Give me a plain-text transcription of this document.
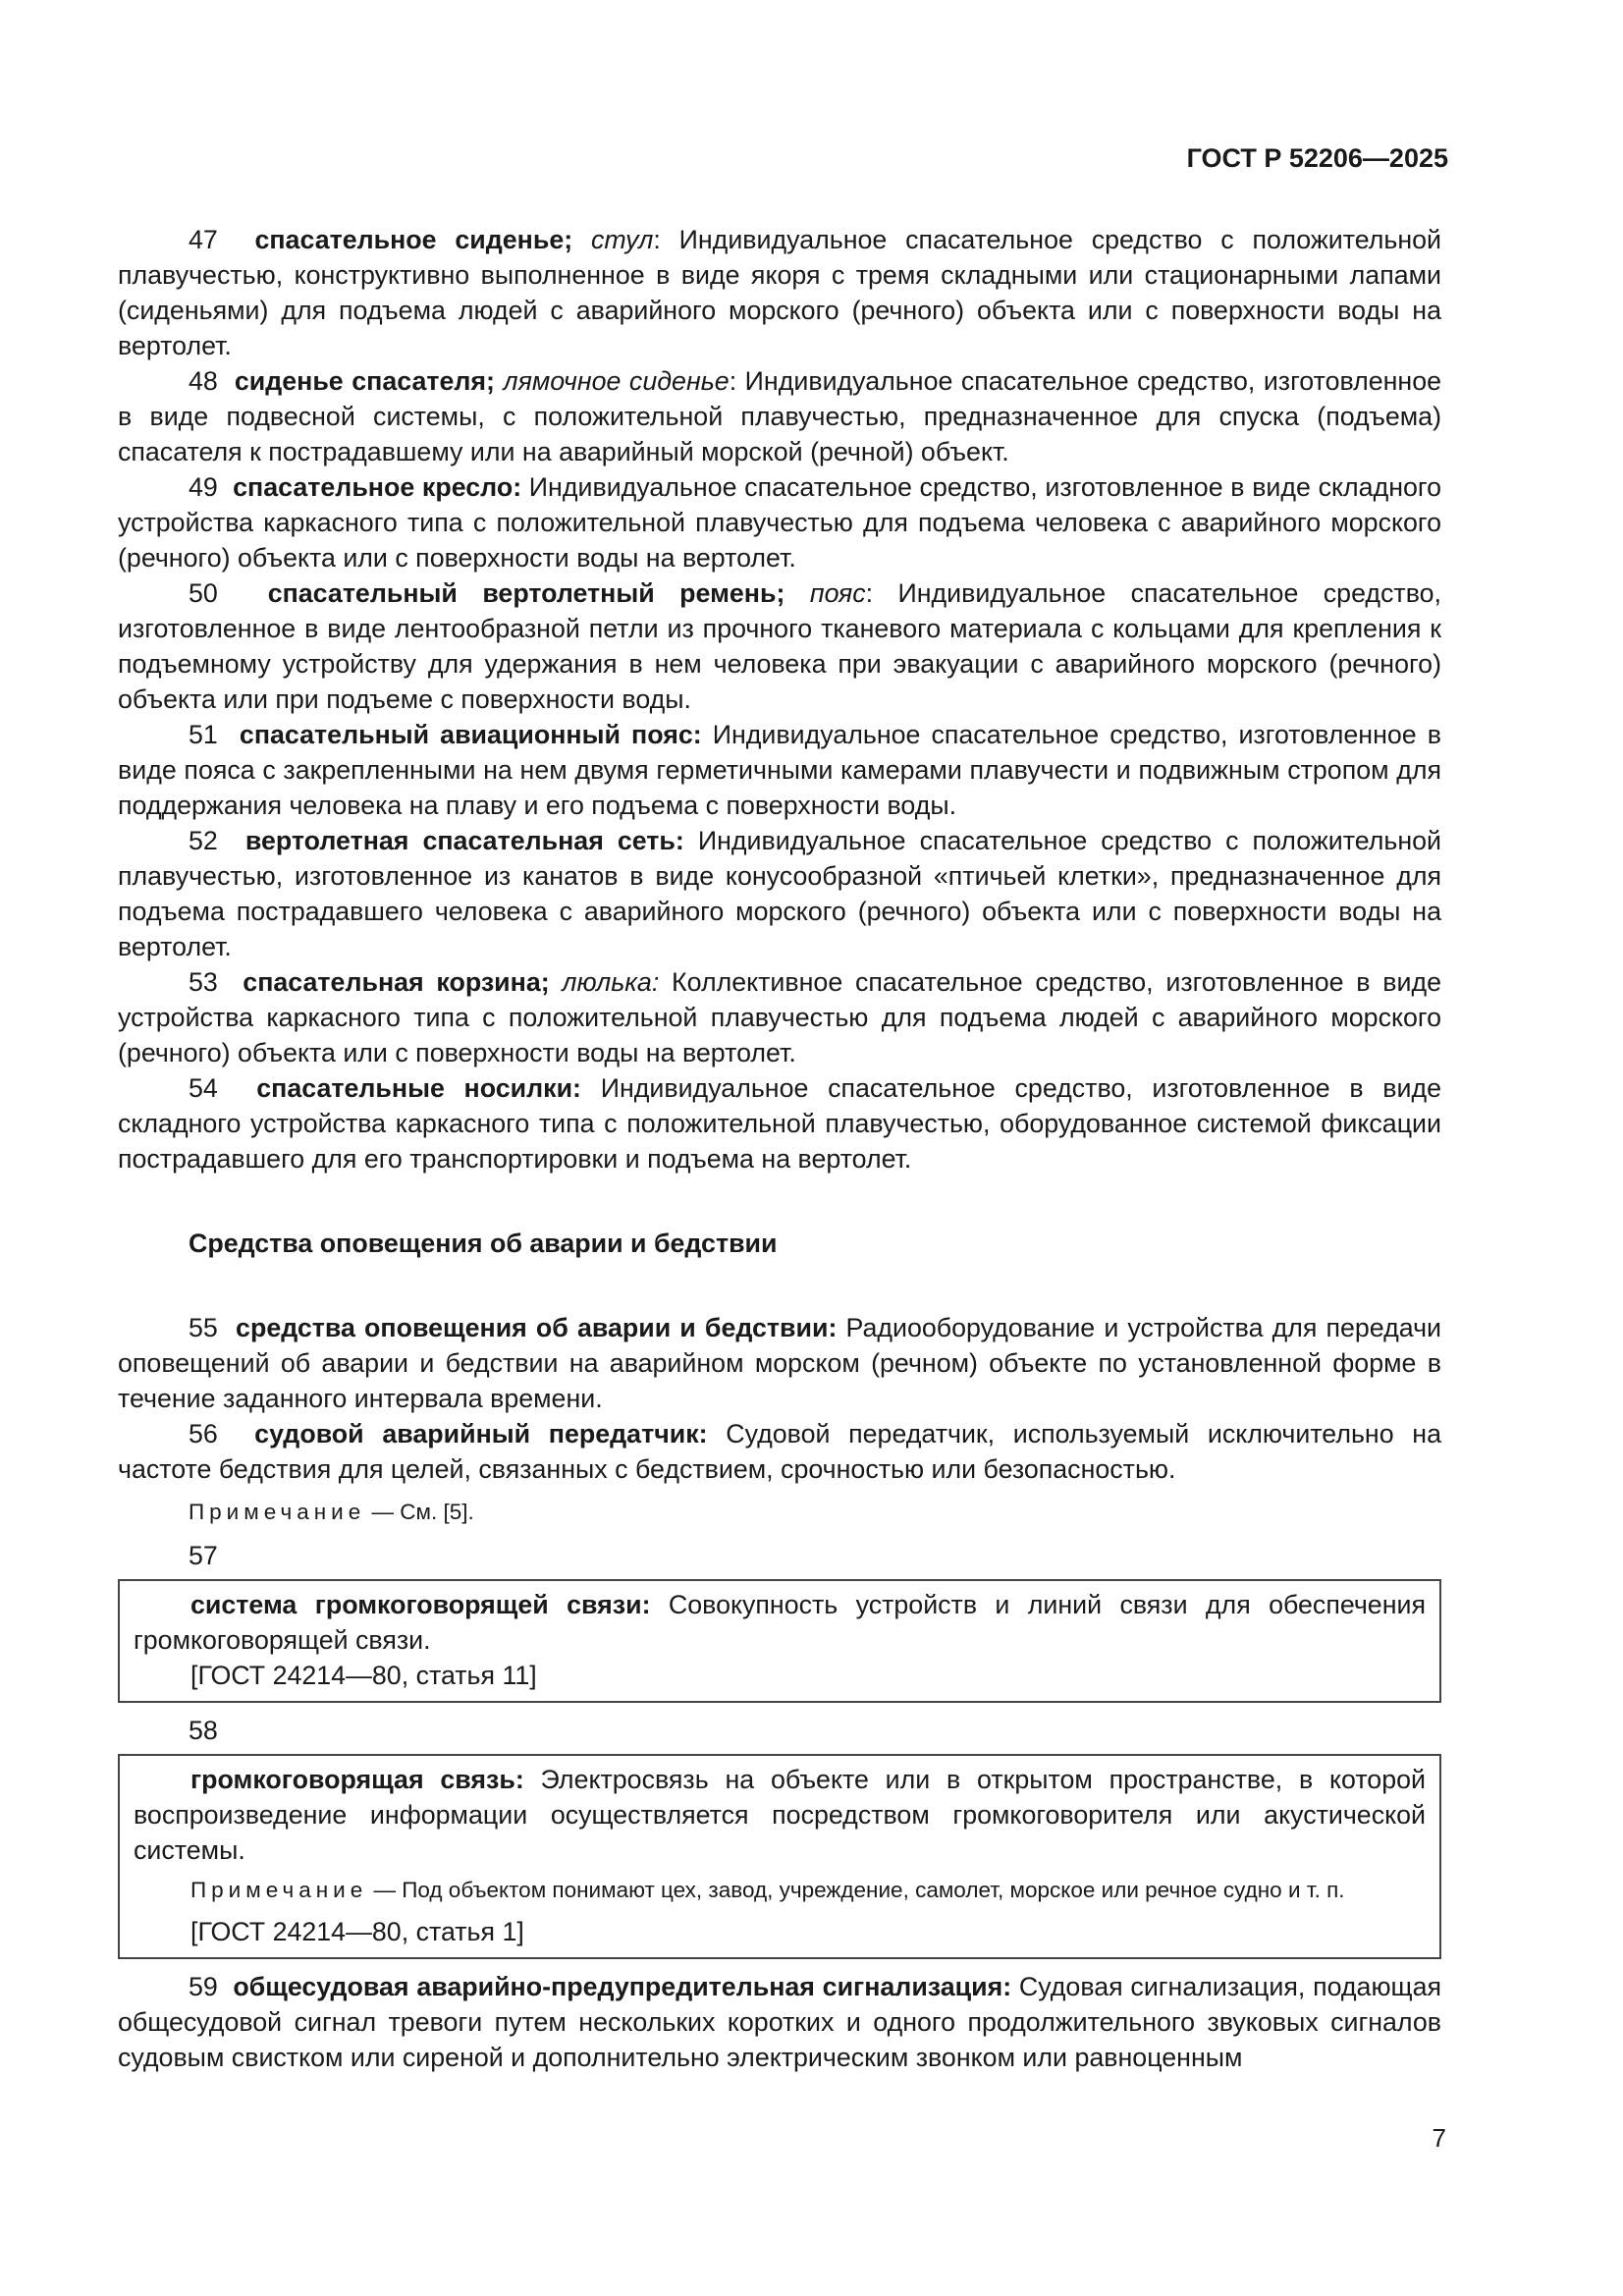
ГОСТ Р 52206—2025

47 спасательное сиденье; стул: Индивидуальное спасательное средство с положительной плавучестью, конструктивно выполненное в виде якоря с тремя складными или стационарными лапами (сиденьями) для подъема людей с аварийного морского (речного) объекта или с поверхности воды на вертолет.

48 сиденье спасателя; лямочное сиденье: Индивидуальное спасательное средство, изготовленное в виде подвесной системы, с положительной плавучестью, предназначенное для спуска (подъема) спасателя к пострадавшему или на аварийный морской (речной) объект.

49 спасательное кресло: Индивидуальное спасательное средство, изготовленное в виде складного устройства каркасного типа с положительной плавучестью для подъема человека с аварийного морского (речного) объекта или с поверхности воды на вертолет.

50 спасательный вертолетный ремень; пояс: Индивидуальное спасательное средство, изготовленное в виде лентообразной петли из прочного тканевого материала с кольцами для крепления к подъемному устройству для удержания в нем человека при эвакуации с аварийного морского (речного) объекта или при подъеме с поверхности воды.

51 спасательный авиационный пояс: Индивидуальное спасательное средство, изготовленное в виде пояса с закрепленными на нем двумя герметичными камерами плавучести и подвижным стропом для поддержания человека на плаву и его подъема с поверхности воды.

52 вертолетная спасательная сеть: Индивидуальное спасательное средство с положительной плавучестью, изготовленное из канатов в виде конусообразной «птичьей клетки», предназначенное для подъема пострадавшего человека с аварийного морского (речного) объекта или с поверхности воды на вертолет.

53 спасательная корзина; люлька: Коллективное спасательное средство, изготовленное в виде устройства каркасного типа с положительной плавучестью для подъема людей с аварийного морского (речного) объекта или с поверхности воды на вертолет.

54 спасательные носилки: Индивидуальное спасательное средство, изготовленное в виде складного устройства каркасного типа с положительной плавучестью, оборудованное системой фиксации пострадавшего для его транспортировки и подъема на вертолет.

Средства оповещения об аварии и бедствии

55 средства оповещения об аварии и бедствии: Радиооборудование и устройства для передачи оповещений об аварии и бедствии на аварийном морском (речном) объекте по установленной форме в течение заданного интервала времени.

56 судовой аварийный передатчик: Судовой передатчик, используемый исключительно на частоте бедствия для целей, связанных с бедствием, срочностью или безопасностью.

Примечание — См. [5].
57

система громкоговорящей связи: Совокупность устройств и линий связи для обеспечения громкоговорящей связи.

[ГОСТ 24214—80, статья 11]
58

громкоговорящая связь: Электросвязь на объекте или в открытом пространстве, в которой воспроизведение информации осуществляется посредством громкоговорителя или акустической системы.

Примечание — Под объектом понимают цех, завод, учреждение, самолет, морское или речное судно и т. п.
[ГОСТ 24214—80, статья 1]

59 общесудовая аварийно-предупредительная сигнализация: Судовая сигнализация, подающая общесудовой сигнал тревоги путем нескольких коротких и одного продолжительного звуковых сигналов судовым свистком или сиреной и дополнительно электрическим звонком или равноценным

7
